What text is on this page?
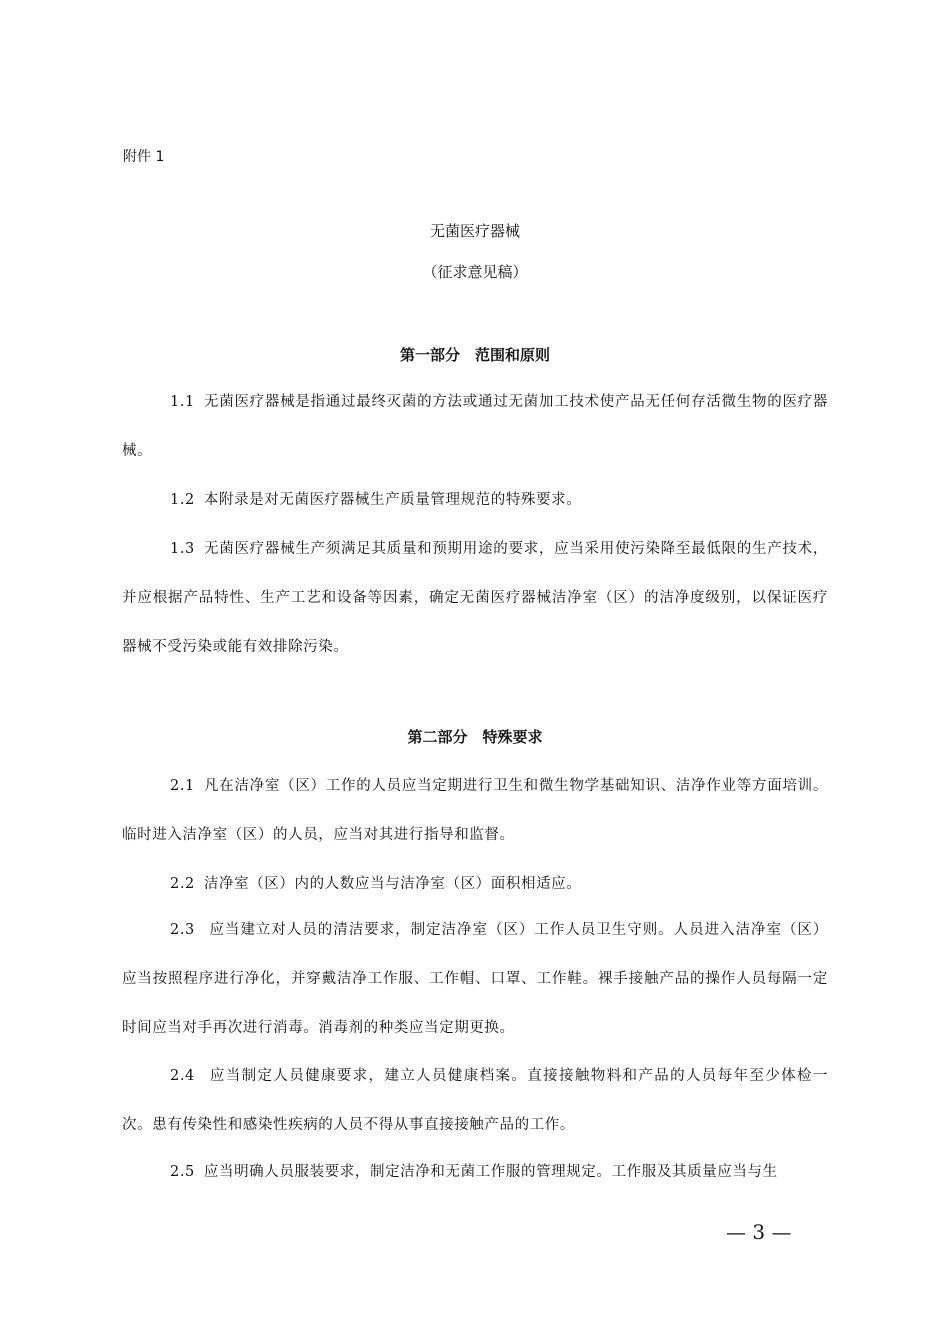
附件 1
无菌医疗器械
（征求意见稿）
第一部分　范围和原则

1.1 无菌医疗器械是指通过最终灭菌的方法或通过无菌加工技术使产品无任何存活微生物的医疗器械。

1.2 本附录是对无菌医疗器械生产质量管理规范的特殊要求。

1.3 无菌医疗器械生产须满足其质量和预期用途的要求，应当采用使污染降至最低限的生产技术，并应根据产品特性、生产工艺和设备等因素，确定无菌医疗器械洁净室（区）的洁净度级别，以保证医疗器械不受污染或能有效排除污染。

第二部分　特殊要求

2.1 凡在洁净室（区）工作的人员应当定期进行卫生和微生物学基础知识、洁净作业等方面培训。临时进入洁净室（区）的人员，应当对其进行指导和监督。

2.2 洁净室（区）内的人数应当与洁净室（区）面积相适应。

2.3 应当建立对人员的清洁要求，制定洁净室（区）工作人员卫生守则。人员进入洁净室（区）应当按照程序进行净化，并穿戴洁净工作服、工作帽、口罩、工作鞋。裸手接触产品的操作人员每隔一定时间应当对手再次进行消毒。消毒剂的种类应当定期更换。

2.4 应当制定人员健康要求，建立人员健康档案。直接接触物料和产品的人员每年至少体检一次。患有传染性和感染性疾病的人员不得从事直接接触产品的工作。

2.5 应当明确人员服装要求，制定洁净和无菌工作服的管理规定。工作服及其质量应当与生

— 3 —
